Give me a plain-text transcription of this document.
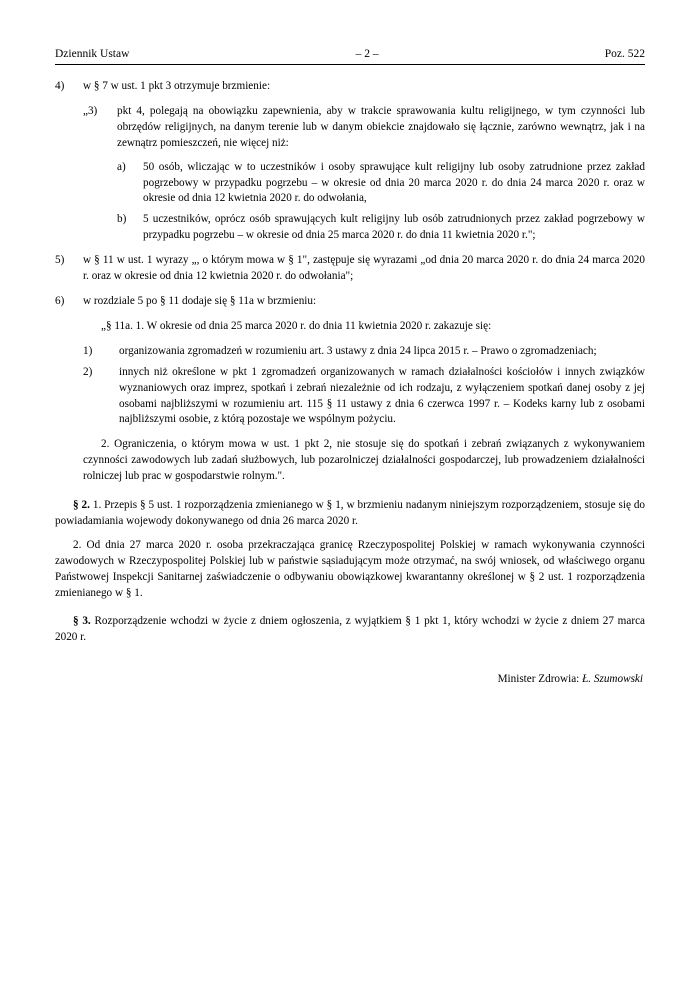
Dziennik Ustaw	– 2 –	Poz. 522
4)	w § 7 w ust. 1 pkt 3 otrzymuje brzmienie:
„3)	pkt 4, polegają na obowiązku zapewnienia, aby w trakcie sprawowania kultu religijnego, w tym czynności lub obrzędów religijnych, na danym terenie lub w danym obiekcie znajdowało się łącznie, zarówno wewnątrz, jak i na zewnątrz pomieszczeń, nie więcej niż:
a)	50 osób, wliczając w to uczestników i osoby sprawujące kult religijny lub osoby zatrudnione przez zakład pogrzebowy w przypadku pogrzebu – w okresie od dnia 20 marca 2020 r. do dnia 24 marca 2020 r. oraz w okresie od dnia 12 kwietnia 2020 r. do odwołania,
b)	5 uczestników, oprócz osób sprawujących kult religijny lub osób zatrudnionych przez zakład pogrzebowy w przypadku pogrzebu – w okresie od dnia 25 marca 2020 r. do dnia 11 kwietnia 2020 r.";
5)	w § 11 w ust. 1 wyrazy „, o którym mowa w § 1", zastępuje się wyrazami „od dnia 20 marca 2020 r. do dnia 24 marca 2020 r. oraz w okresie od dnia 12 kwietnia 2020 r. do odwołania";
6)	w rozdziale 5 po § 11 dodaje się § 11a w brzmieniu:
„§ 11a. 1. W okresie od dnia 25 marca 2020 r. do dnia 11 kwietnia 2020 r. zakazuje się:
1)	organizowania zgromadzeń w rozumieniu art. 3 ustawy z dnia 24 lipca 2015 r. – Prawo o zgromadzeniach;
2)	innych niż określone w pkt 1 zgromadzeń organizowanych w ramach działalności kościołów i innych związków wyznaniowych oraz imprez, spotkań i zebrań niezależnie od ich rodzaju, z wyłączeniem spotkań danej osoby z jej osobami najbliższymi w rozumieniu art. 115 § 11 ustawy z dnia 6 czerwca 1997 r. – Kodeks karny lub z osobami najbliższymi osobie, z którą pozostaje we wspólnym pożyciu.
2. Ograniczenia, o którym mowa w ust. 1 pkt 2, nie stosuje się do spotkań i zebrań związanych z wykonywaniem czynności zawodowych lub zadań służbowych, lub pozarolniczej działalności gospodarczej, lub prowadzeniem działalności rolniczej lub prac w gospodarstwie rolnym.".
§ 2. 1. Przepis § 5 ust. 1 rozporządzenia zmienianego w § 1, w brzmieniu nadanym niniejszym rozporządzeniem, stosuje się do powiadamiania wojewody dokonywanego od dnia 26 marca 2020 r.
2. Od dnia 27 marca 2020 r. osoba przekraczająca granicę Rzeczypospolitej Polskiej w ramach wykonywania czynności zawodowych w Rzeczypospolitej Polskiej lub w państwie sąsiadującym może otrzymać, na swój wniosek, od właściwego organu Państwowej Inspekcji Sanitarnej zaświadczenie o odbywaniu obowiązkowej kwarantanny określonej w § 2 ust. 1 rozporządzenia zmienianego w § 1.
§ 3. Rozporządzenie wchodzi w życie z dniem ogłoszenia, z wyjątkiem § 1 pkt 1, który wchodzi w życie z dniem 27 marca 2020 r.
Minister Zdrowia: Ł. Szumowski
